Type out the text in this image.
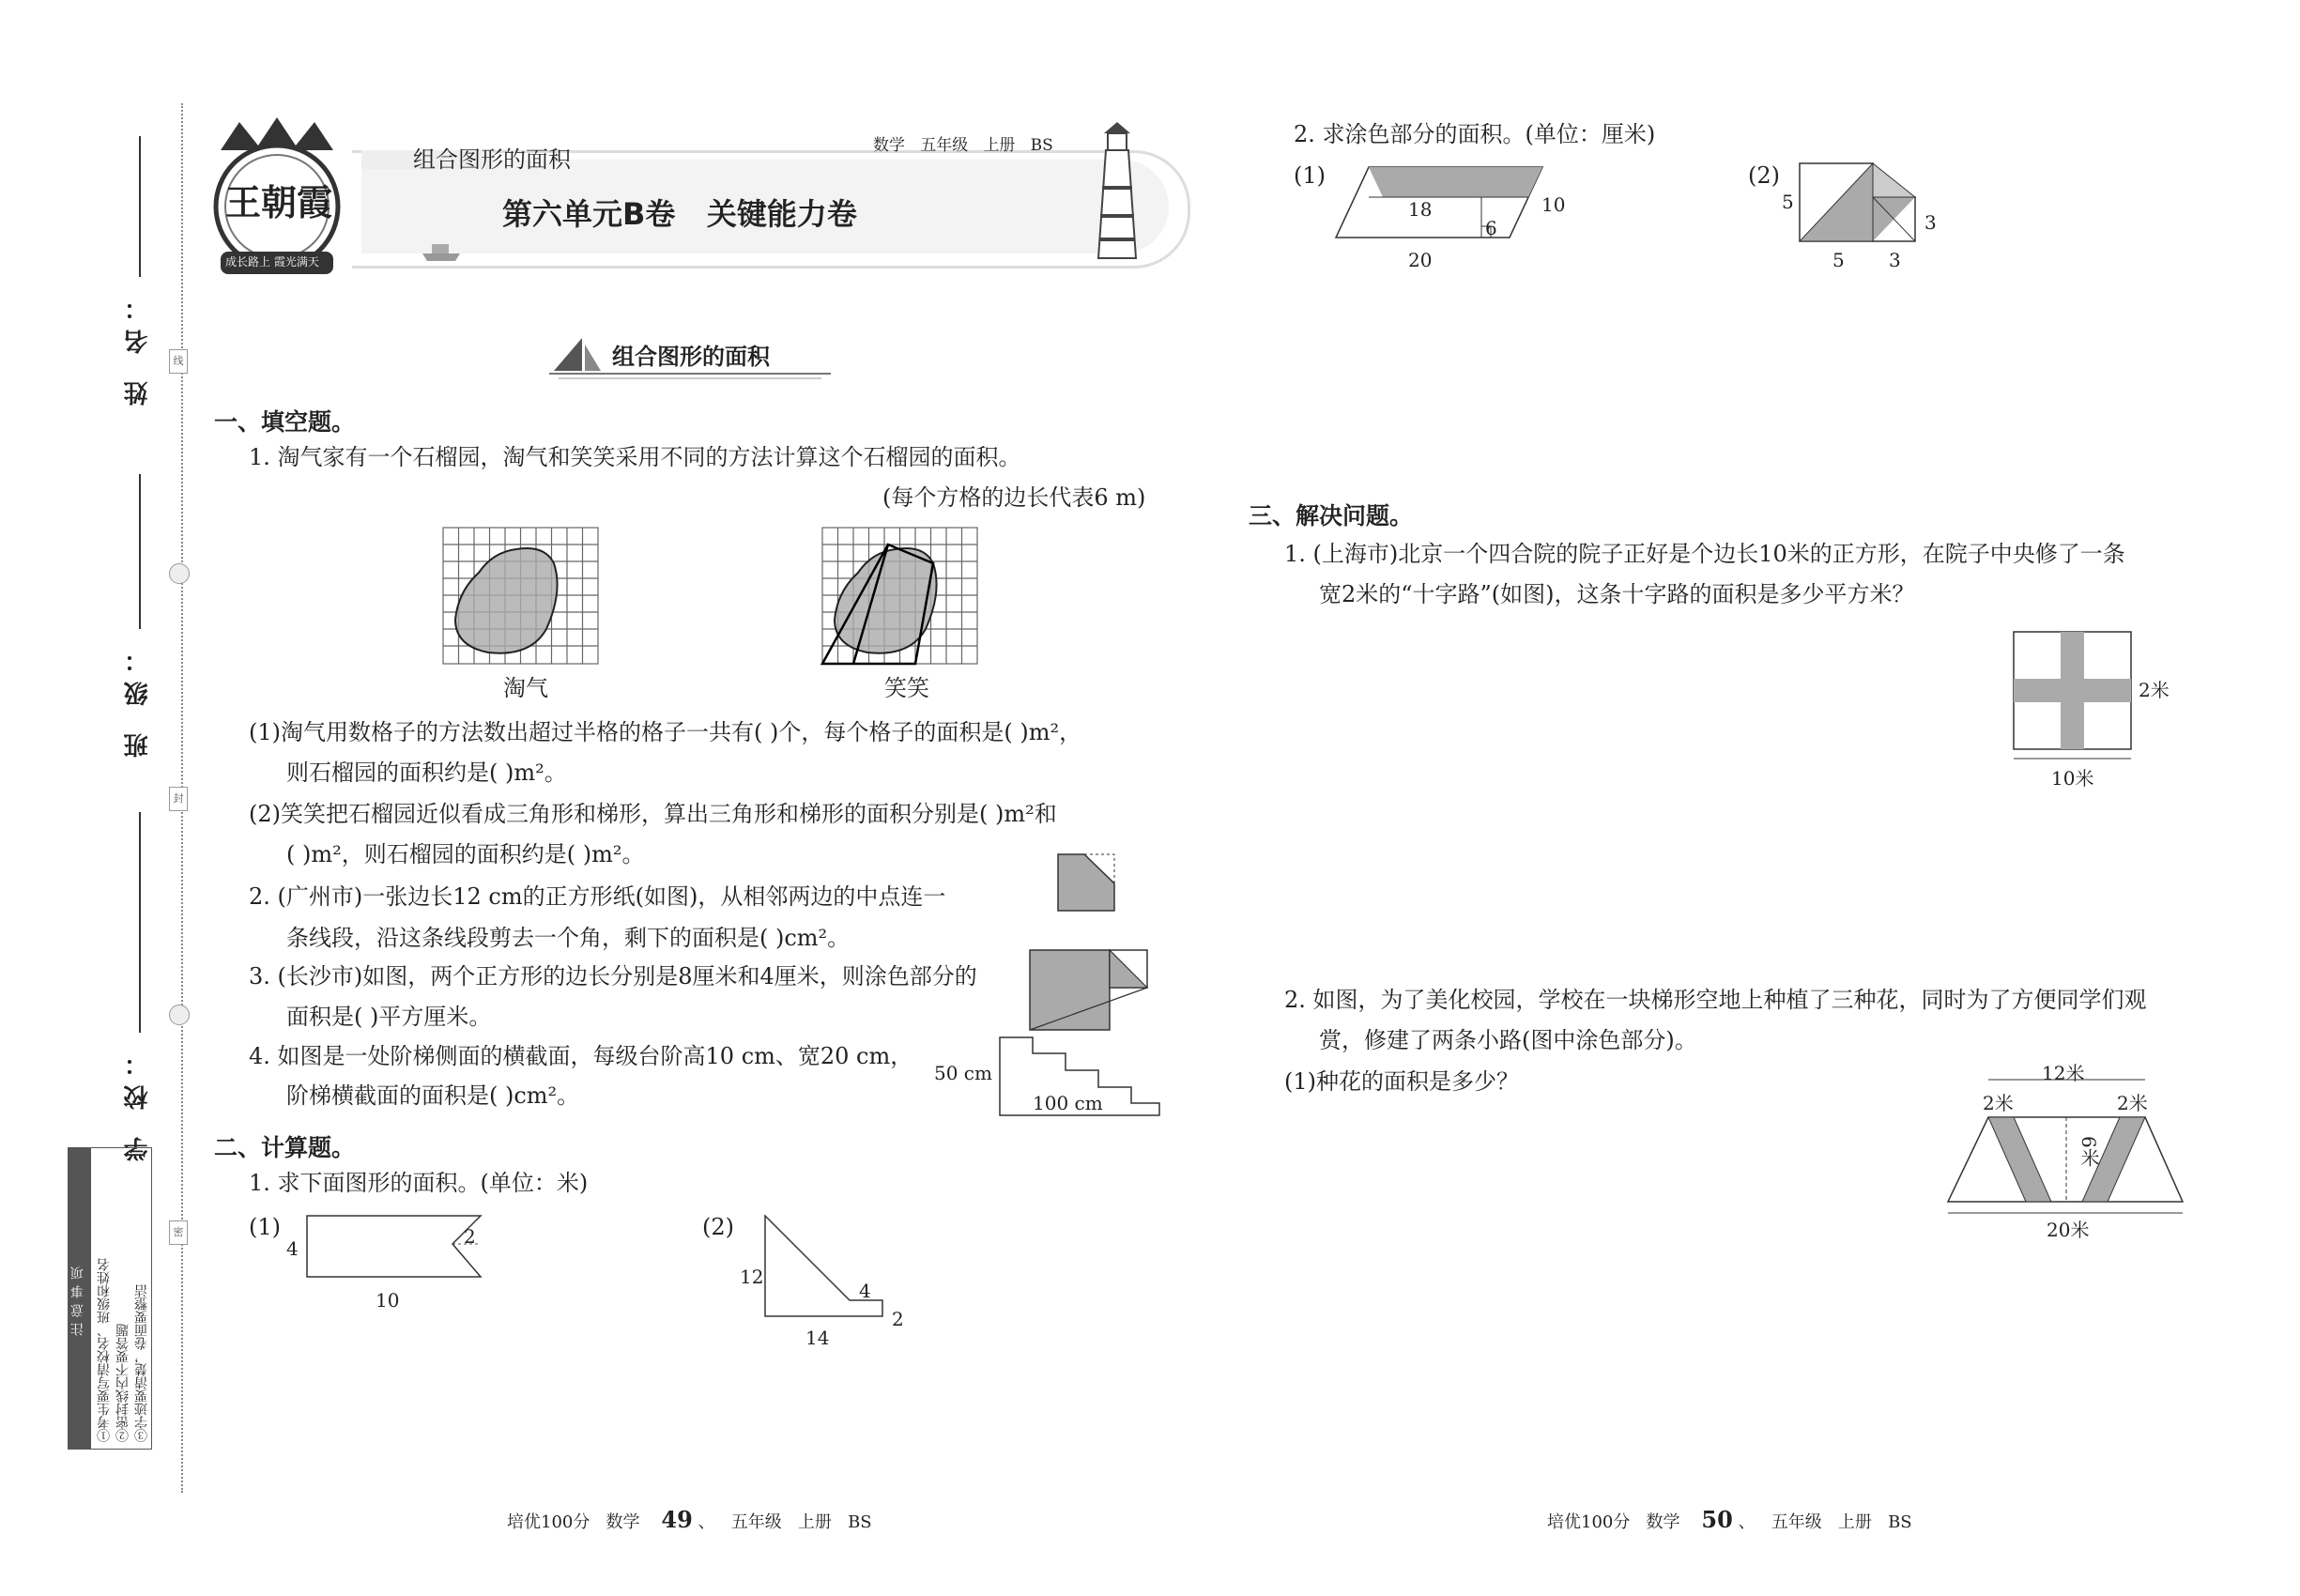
姓 名：
班 级：
学 校：
线
封
密
注意事项 ①考生要写清校名、班级和姓名 ②密封线内不要答题 ③字迹要清楚，卷面要整洁
王朝霞
成长路上 霞光满天
组合图形的面积
数学 五年级 上册 BS
第六单元B卷   关键能力卷
组合图形的面积
一、填空题。
1. 淘气家有一个石榴园，淘气和笑笑采用不同的方法计算这个石榴园的面积。
(每个方格的边长代表6 m)
淘气	笑笑
(1)淘气用数格子的方法数出超过半格的格子一共有( )个，每个格子的面积是( )m²，
则石榴园的面积约是( )m²。
(2)笑笑把石榴园近似看成三角形和梯形，算出三角形和梯形的面积分别是( )m²和
( )m²，则石榴园的面积约是( )m²。
2. (广州市)一张边长12 cm的正方形纸(如图)，从相邻两边的中点连一
条线段，沿这条线段剪去一个角，剩下的面积是( )cm²。
3. (长沙市)如图，两个正方形的边长分别是8厘米和4厘米，则涂色部分的
面积是( )平方厘米。
4. 如图是一处阶梯侧面的横截面，每级台阶高10 cm、宽20 cm，
阶梯横截面的面积是( )cm²。
50 cm
100 cm
二、计算题。
1. 求下面图形的面积。(单位：米)
(1)
4
10
2	(2)
12
14
4
2
培优100分 数学 49 、 五年级 上册 BS
2. 求涂色部分的面积。(单位：厘米)
(1)
18	10
6
20
(2)
5
3
5 3
三、解决问题。
1. (上海市)北京一个四合院的院子正好是个边长10米的正方形，在院子中央修了一条
宽2米的“十字路”(如图)，这条十字路的面积是多少平方米？
2米
10米
2. 如图，为了美化校园，学校在一块梯形空地上种植了三种花，同时为了方便同学们观
赏，修建了两条小路(图中涂色部分)。
(1)种花的面积是多少？	12米
2米	2米
6米
20米
培优100分 数学 50 、 五年级 上册 BS
